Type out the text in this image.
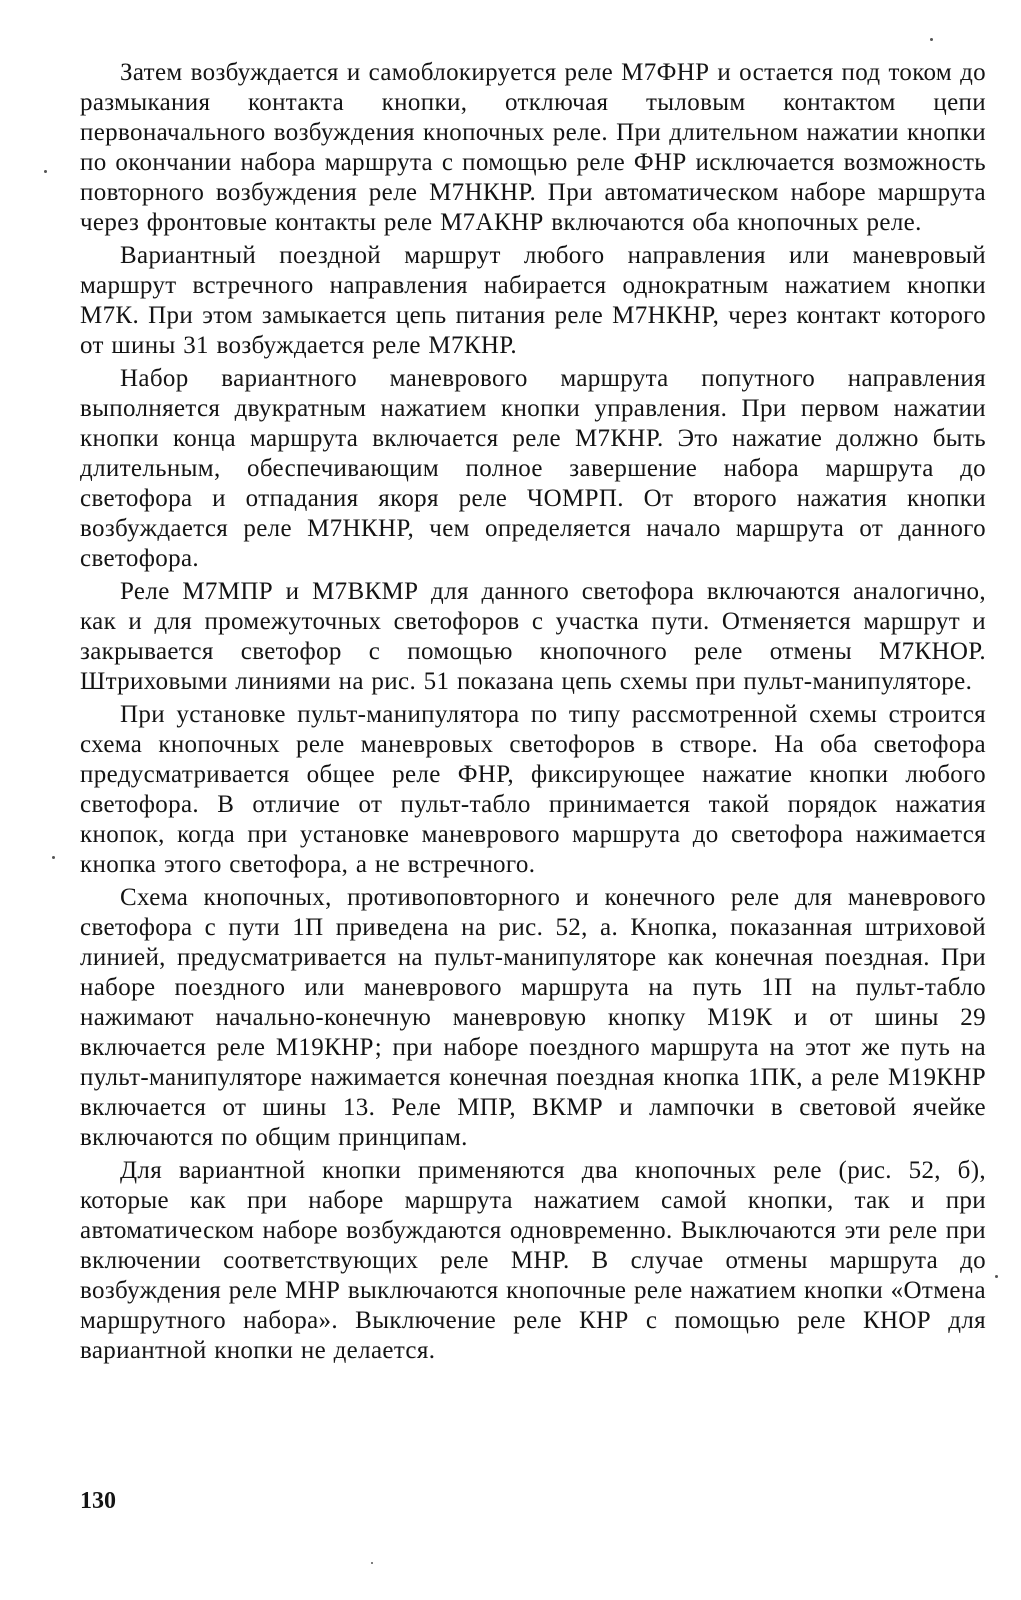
Затем возбуждается и самоблокируется реле М7ФНР и остается под током до размыкания контакта кнопки, отключая тыловым контактом цепи первоначального возбуждения кнопочных реле. При длительном нажатии кнопки по окончании набора маршрута с помощью реле ФНР исключается возможность повторного возбуждения реле М7НКНР. При автоматическом наборе маршрута через фронтовые контакты реле М7АКНР включаются оба кнопочных реле.

Вариантный поездной маршрут любого направления или маневровый маршрут встречного направления набирается однократным нажатием кнопки М7К. При этом замыкается цепь питания реле М7НКНР, через контакт которого от шины 31 возбуждается реле М7КНР.

Набор вариантного маневрового маршрута попутного направления выполняется двукратным нажатием кнопки управления. При первом нажатии кнопки конца маршрута включается реле М7КНР. Это нажатие должно быть длительным, обеспечивающим полное завершение набора маршрута до светофора и отпадания якоря реле ЧОМРП. От второго нажатия кнопки возбуждается реле М7НКНР, чем определяется начало маршрута от данного светофора.

Реле М7МПР и М7ВКМР для данного светофора включаются аналогично, как и для промежуточных светофоров с участка пути. Отменяется маршрут и закрывается светофор с помощью кнопочного реле отмены М7КНОР. Штриховыми линиями на рис. 51 показана цепь схемы при пульт-манипуляторе.

При установке пульт-манипулятора по типу рассмотренной схемы строится схема кнопочных реле маневровых светофоров в створе. На оба светофора предусматривается общее реле ФНР, фиксирующее нажатие кнопки любого светофора. В отличие от пульт-табло принимается такой порядок нажатия кнопок, когда при установке маневрового маршрута до светофора нажимается кнопка этого светофора, а не встречного.

Схема кнопочных, противоповторного и конечного реле для маневрового светофора с пути 1П приведена на рис. 52, а. Кнопка, показанная штриховой линией, предусматривается на пульт-манипуляторе как конечная поездная. При наборе поездного или маневрового маршрута на путь 1П на пульт-табло нажимают начально-конечную маневровую кнопку М19К и от шины 29 включается реле М19КНР; при наборе поездного маршрута на этот же путь на пульт-манипуляторе нажимается конечная поездная кнопка 1ПК, а реле М19КНР включается от шины 13. Реле МПР, ВКМР и лампочки в световой ячейке включаются по общим принципам.

Для вариантной кнопки применяются два кнопочных реле (рис. 52, б), которые как при наборе маршрута нажатием самой кнопки, так и при автоматическом наборе возбуждаются одновременно. Выключаются эти реле при включении соответствующих реле МНР. В случае отмены маршрута до возбуждения реле МНР выключаются кнопочные реле нажатием кнопки «Отмена маршрутного набора». Выключение реле КНР с помощью реле КНОР для вариантной кнопки не делается.

130
